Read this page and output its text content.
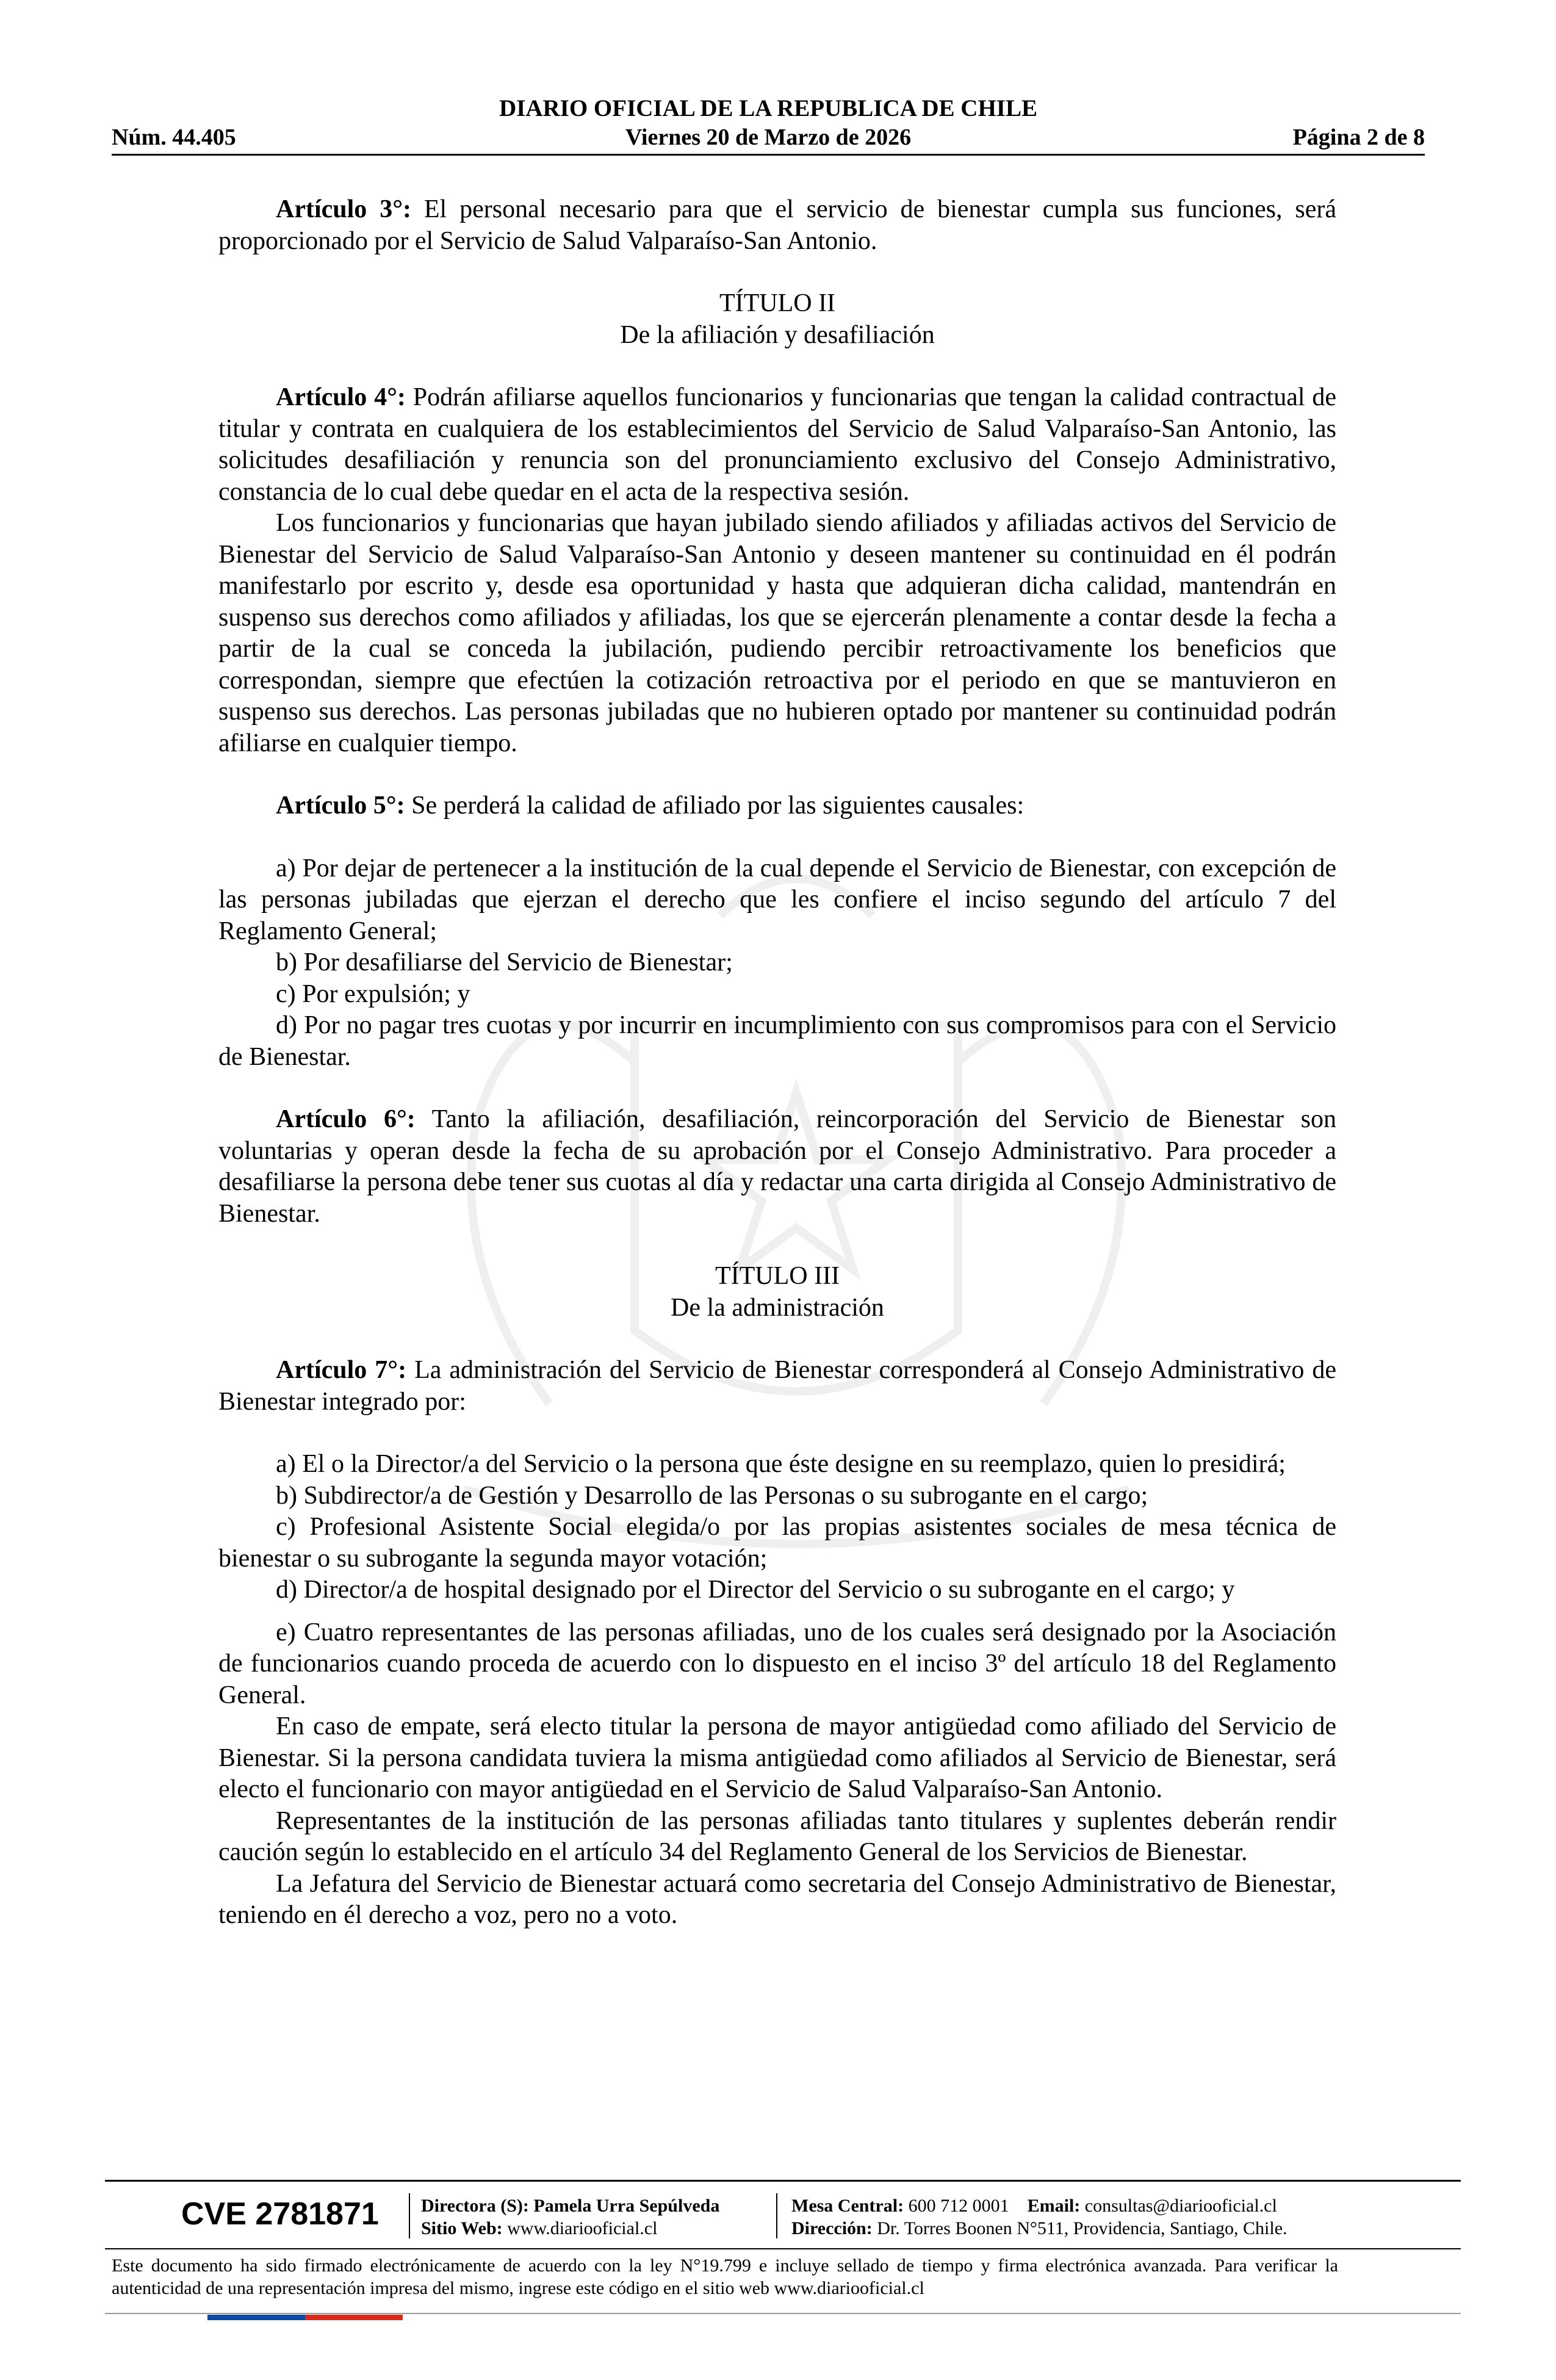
DIARIO OFICIAL DE LA REPUBLICA DE CHILE
Núm. 44.405	Viernes 20 de Marzo de 2026	Página 2 de 8

Artículo 3°: El personal necesario para que el servicio de bienestar cumpla sus funciones, será proporcionado por el Servicio de Salud Valparaíso-San Antonio.

TÍTULO II

De la afiliación y desafiliación

Artículo 4°: Podrán afiliarse aquellos funcionarios y funcionarias que tengan la calidad contractual de titular y contrata en cualquiera de los establecimientos del Servicio de Salud Valparaíso-San Antonio, las solicitudes desafiliación y renuncia son del pronunciamiento exclusivo del Consejo Administrativo, constancia de lo cual debe quedar en el acta de la respectiva sesión.

Los funcionarios y funcionarias que hayan jubilado siendo afiliados y afiliadas activos del Servicio de Bienestar del Servicio de Salud Valparaíso-San Antonio y deseen mantener su continuidad en él podrán manifestarlo por escrito y, desde esa oportunidad y hasta que adquieran dicha calidad, mantendrán en suspenso sus derechos como afiliados y afiliadas, los que se ejercerán plenamente a contar desde la fecha a partir de la cual se conceda la jubilación, pudiendo percibir retroactivamente los beneficios que correspondan, siempre que efectúen la cotización retroactiva por el periodo en que se mantuvieron en suspenso sus derechos. Las personas jubiladas que no hubieren optado por mantener su continuidad podrán afiliarse en cualquier tiempo.

Artículo 5°: Se perderá la calidad de afiliado por las siguientes causales:

a) Por dejar de pertenecer a la institución de la cual depende el Servicio de Bienestar, con excepción de las personas jubiladas que ejerzan el derecho que les confiere el inciso segundo del artículo 7 del Reglamento General;

b) Por desafiliarse del Servicio de Bienestar;

c) Por expulsión; y

d) Por no pagar tres cuotas y por incurrir en incumplimiento con sus compromisos para con el Servicio de Bienestar.

Artículo 6°: Tanto la afiliación, desafiliación, reincorporación del Servicio de Bienestar son voluntarias y operan desde la fecha de su aprobación por el Consejo Administrativo. Para proceder a desafiliarse la persona debe tener sus cuotas al día y redactar una carta dirigida al Consejo Administrativo de Bienestar.

TÍTULO III

De la administración

Artículo 7°: La administración del Servicio de Bienestar corresponderá al Consejo Administrativo de Bienestar integrado por:

a) El o la Director/a del Servicio o la persona que éste designe en su reemplazo, quien lo presidirá;

b) Subdirector/a de Gestión y Desarrollo de las Personas o su subrogante en el cargo;

c) Profesional Asistente Social elegida/o por las propias asistentes sociales de mesa técnica de bienestar o su subrogante la segunda mayor votación;

d) Director/a de hospital designado por el Director del Servicio o su subrogante en el cargo; y

e) Cuatro representantes de las personas afiliadas, uno de los cuales será designado por la Asociación de funcionarios cuando proceda de acuerdo con lo dispuesto en el inciso 3º del artículo 18 del Reglamento General.

En caso de empate, será electo titular la persona de mayor antigüedad como afiliado del Servicio de Bienestar. Si la persona candidata tuviera la misma antigüedad como afiliados al Servicio de Bienestar, será electo el funcionario con mayor antigüedad en el Servicio de Salud Valparaíso-San Antonio.

Representantes de la institución de las personas afiliadas tanto titulares y suplentes deberán rendir caución según lo establecido en el artículo 34 del Reglamento General de los Servicios de Bienestar.

La Jefatura del Servicio de Bienestar actuará como secretaria del Consejo Administrativo de Bienestar, teniendo en él derecho a voz, pero no a voto.

CVE 2781871 Directora (S): Pamela Urra Sepúlveda
Sitio Web: www.diariooficial.cl
Mesa Central: 600 712 0001 Email: consultas@diariooficial.cl
Dirección: Dr. Torres Boonen N°511, Providencia, Santiago, Chile.
Este documento ha sido firmado electrónicamente de acuerdo con la ley N°19.799 e incluye sellado de tiempo y firma electrónica avanzada. Para verificar la autenticidad de una representación impresa del mismo, ingrese este código en el sitio web www.diariooficial.cl
